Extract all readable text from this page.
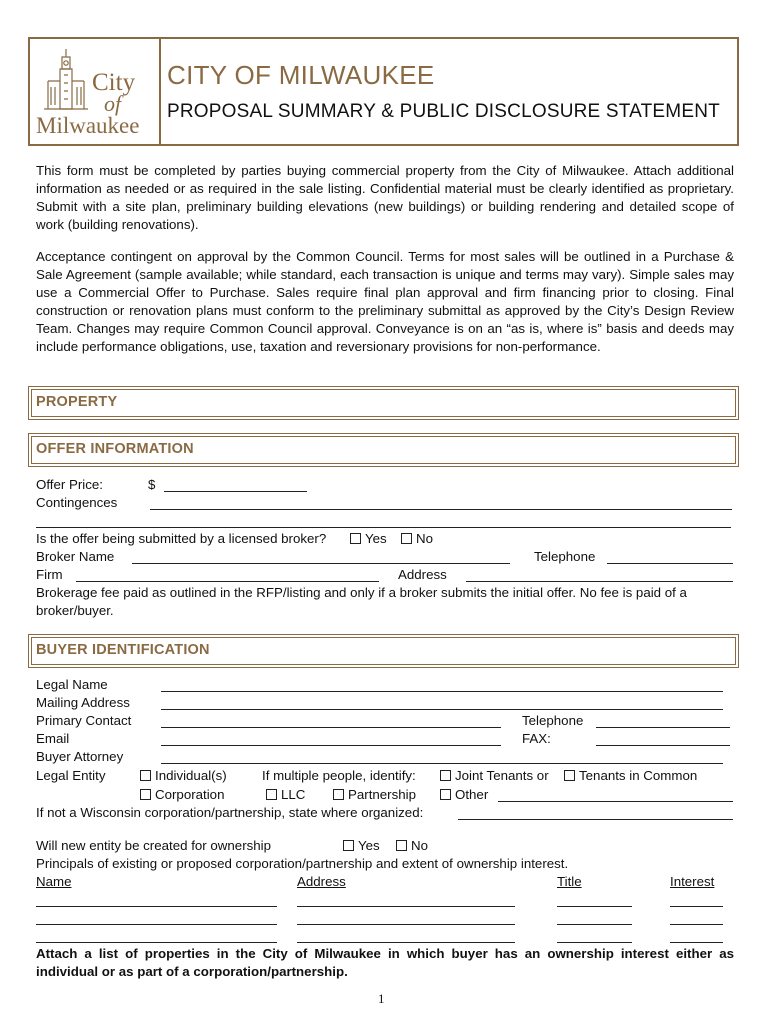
City
of
Milwaukee
CITY OF MILWAUKEE
PROPOSAL SUMMARY & PUBLIC DISCLOSURE STATEMENT
This form must be completed by parties buying commercial property from the City of Milwaukee. Attach additional information as needed or as required in the sale listing. Confidential material must be clearly identified as proprietary. Submit with a site plan, preliminary building elevations (new buildings) or building rendering and detailed scope of work (building renovations).
Acceptance contingent on approval by the Common Council. Terms for most sales will be outlined in a Purchase & Sale Agreement (sample available; while standard, each transaction is unique and terms may vary). Simple sales may use a Commercial Offer to Purchase. Sales require final plan approval and firm financing prior to closing. Final construction or renovation plans must conform to the preliminary submittal as approved by the City’s Design Review Team. Changes may require Common Council approval. Conveyance is on an “as is, where is” basis and deeds may include performance obligations, use, taxation and reversionary provisions for non-performance.
PROPERTY
OFFER INFORMATION
Offer Price:	$
Contingences
Is the offer being submitted by a licensed broker?	Yes	No
Broker Name	Telephone
Firm	Address
Brokerage fee paid as outlined in the RFP/listing and only if a broker submits the initial offer. No fee is paid of a broker/buyer.
BUYER IDENTIFICATION
Legal Name
Mailing Address
Primary Contact	Telephone
Email	FAX:
Buyer Attorney
Legal Entity	Individual(s)	If multiple people, identify:	Joint Tenants or	Tenants in Common
Corporation	LLC	Partnership	Other
If not a Wisconsin corporation/partnership, state where organized:
Will new entity be created for ownership	Yes	No
Principals of existing or proposed corporation/partnership and extent of ownership interest.
Name	Address	Title	Interest
Attach a list of properties in the City of Milwaukee in which buyer has an ownership interest either as individual or as part of a corporation/partnership.
1
